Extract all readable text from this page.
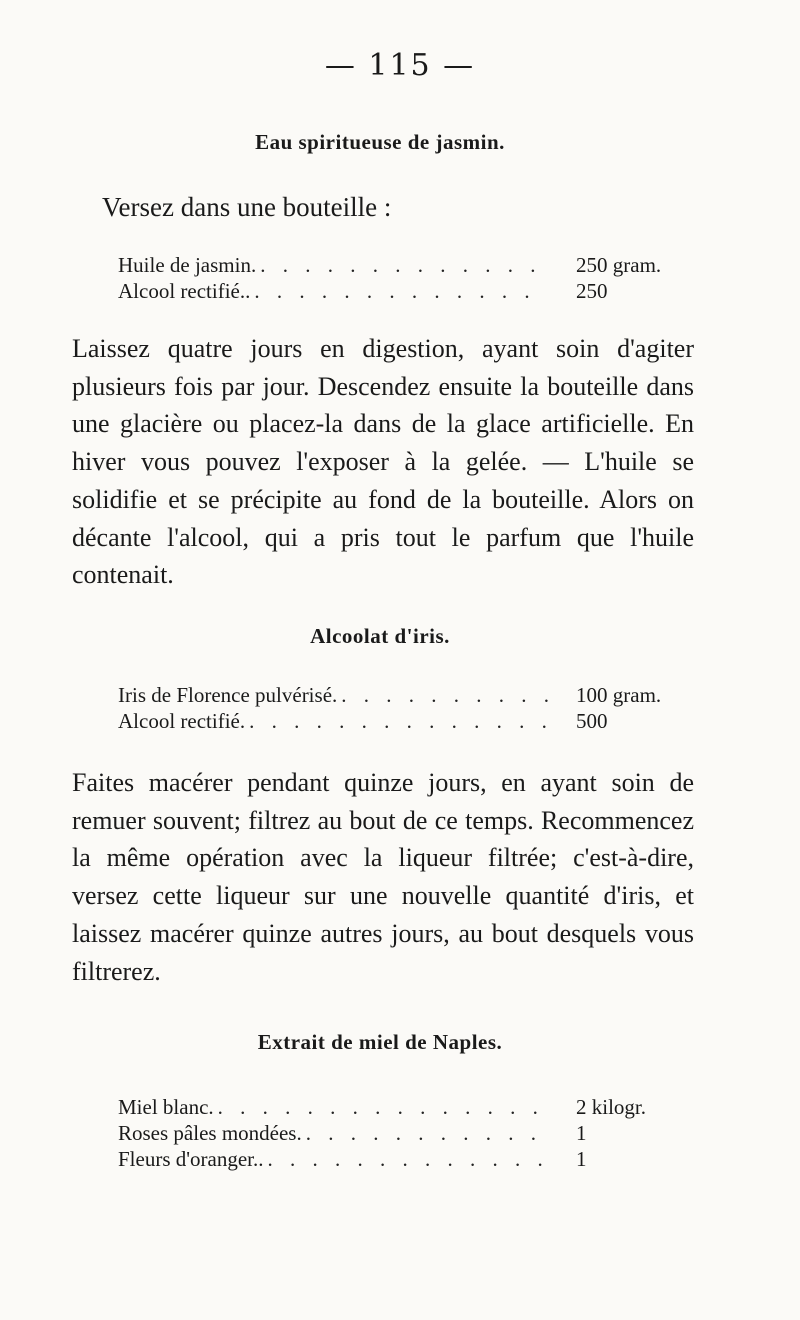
— 115 —
Eau spiritueuse de jasmin.
Versez dans une bouteille :
Huile de jasmin. . . .	250 gram.
Alcool rectifié.. . . .	250
Laissez quatre jours en digestion, ayant soin d'agiter plusieurs fois par jour. Descendez ensuite la bouteille dans une glacière ou placez-la dans de la glace artificielle. En hiver vous pouvez l'exposer à la gelée. — L'huile se solidifie et se précipite au fond de la bouteille. Alors on décante l'alcool, qui a pris tout le parfum que l'huile contenait.
Alcoolat d'iris.
Iris de Florence pulvérisé. . . .	100 gram.
Alcool rectifié. . . .	500
Faites macérer pendant quinze jours, en ayant soin de remuer souvent; filtrez au bout de ce temps. Recommencez la même opération avec la liqueur filtrée; c'est-à-dire, versez cette liqueur sur une nouvelle quantité d'iris, et laissez macérer quinze autres jours, au bout desquels vous filtrerez.
Extrait de miel de Naples.
Miel blanc. . . .	2 kilogr.
Roses pâles mondées. . . .	1
Fleurs d'oranger.. . . .	1
